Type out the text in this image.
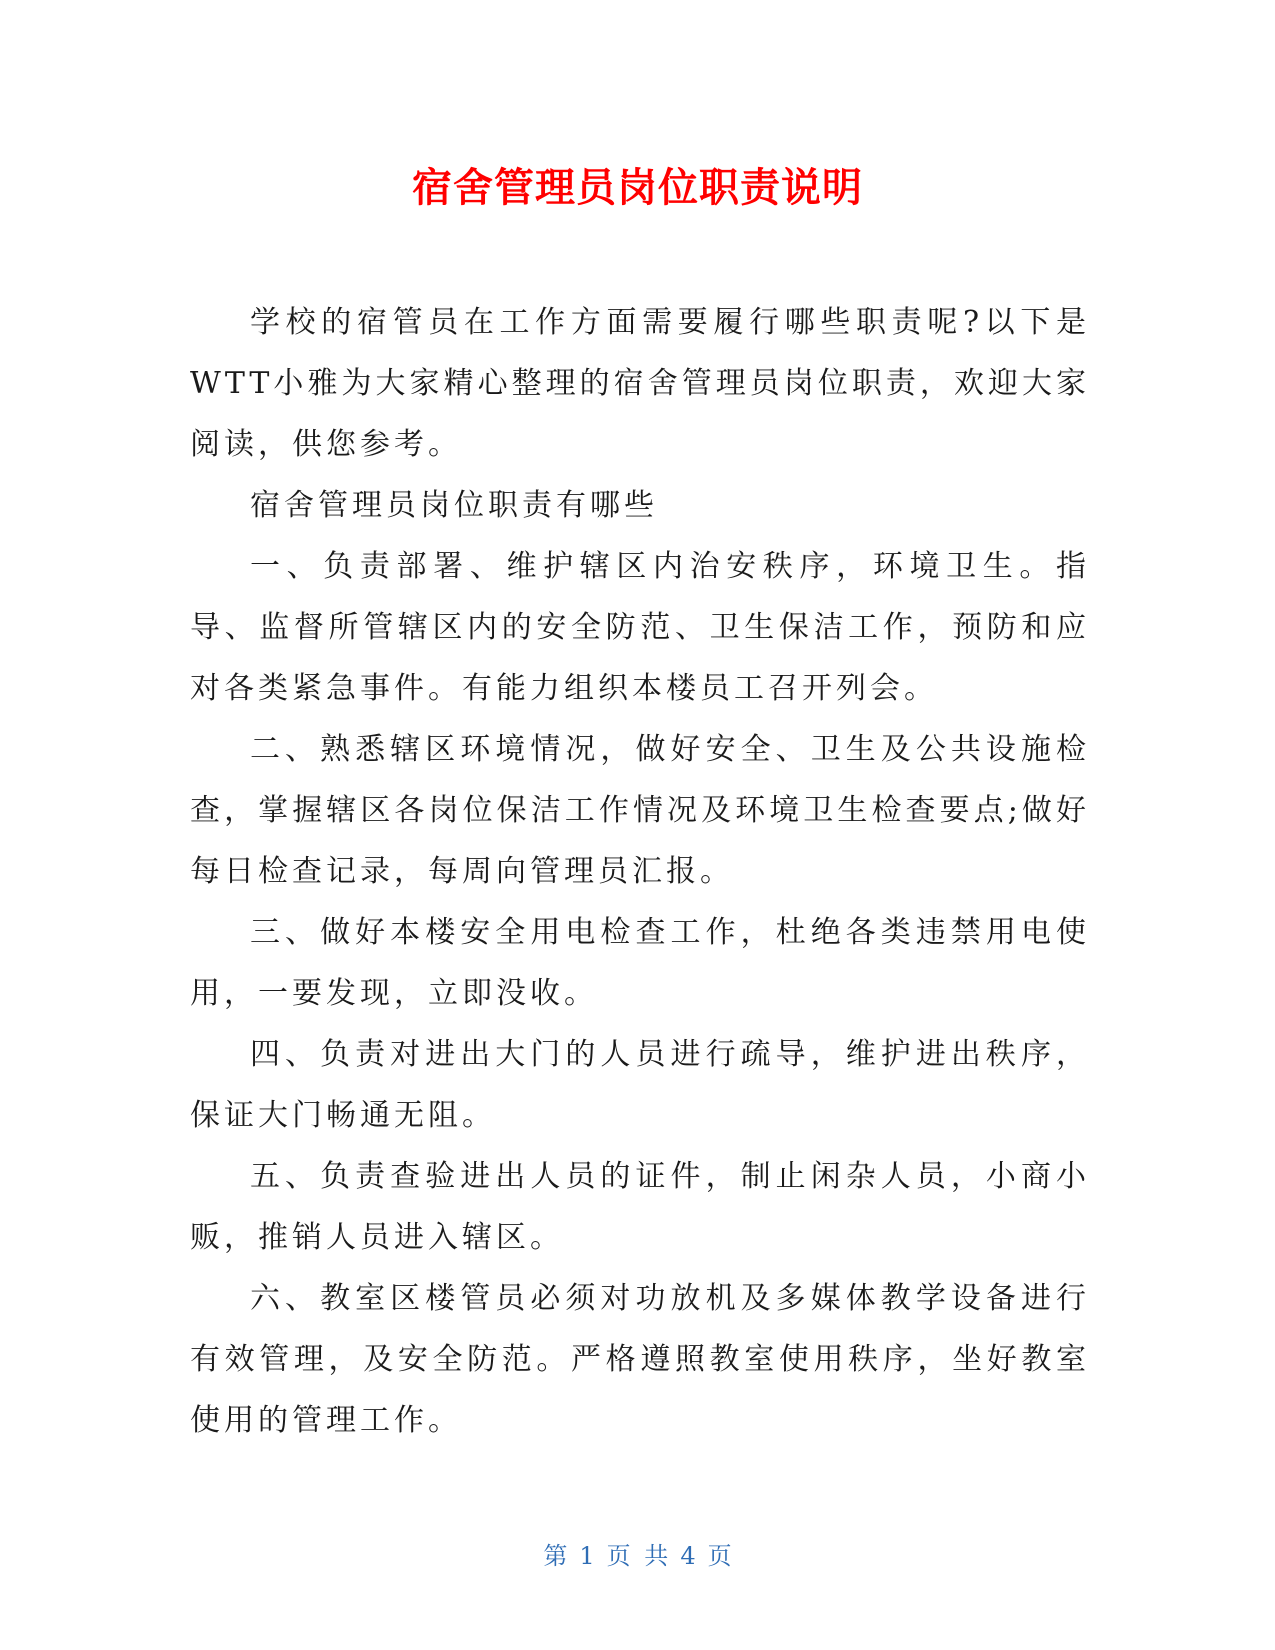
宿舍管理员岗位职责说明

学校的宿管员在工作方面需要履行哪些职责呢?以下是WTT小雅为大家精心整理的宿舍管理员岗位职责，欢迎大家阅读，供您参考。

宿舍管理员岗位职责有哪些

一、负责部署、维护辖区内治安秩序，环境卫生。指导、监督所管辖区内的安全防范、卫生保洁工作，预防和应对各类紧急事件。有能力组织本楼员工召开列会。

二、熟悉辖区环境情况，做好安全、卫生及公共设施检查，掌握辖区各岗位保洁工作情况及环境卫生检查要点;做好每日检查记录，每周向管理员汇报。

三、做好本楼安全用电检查工作，杜绝各类违禁用电使用，一要发现，立即没收。

四、负责对进出大门的人员进行疏导，维护进出秩序，保证大门畅通无阻。

五、负责查验进出人员的证件，制止闲杂人员，小商小贩，推销人员进入辖区。

六、教室区楼管员必须对功放机及多媒体教学设备进行有效管理，及安全防范。严格遵照教室使用秩序，坐好教室使用的管理工作。

第 1 页 共 4 页
